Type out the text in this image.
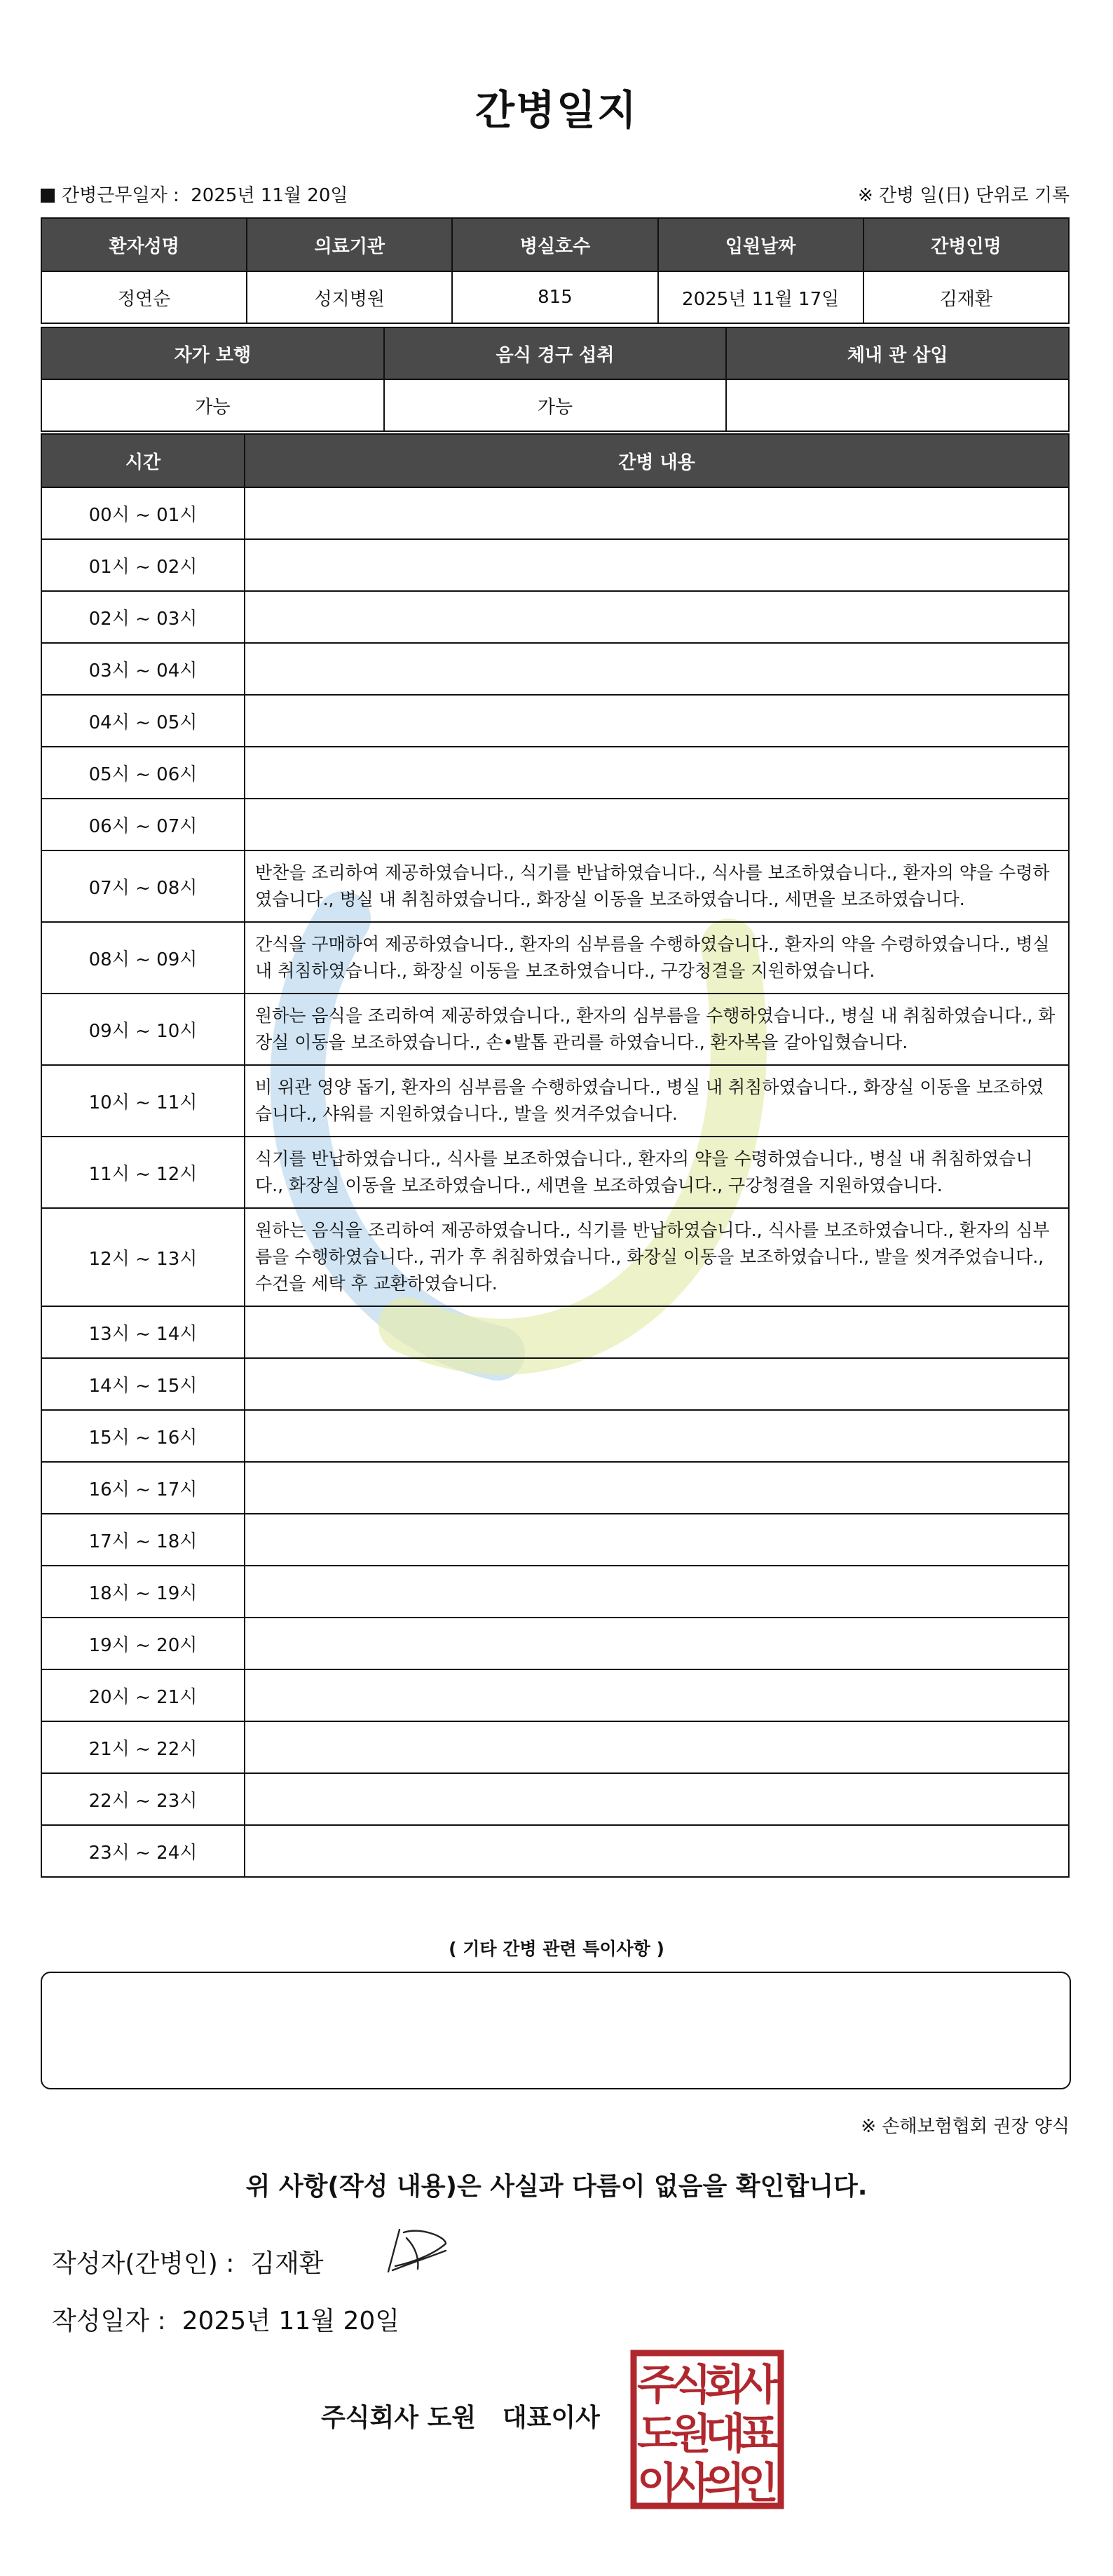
간병일지
간병근무일자 : 2025년 11월 20일	※ 간병 일(日) 단위로 기록
환자성명	의료기관	병실호수	입원날짜	간병인명
정연순	성지병원	815	2025년 11월 17일	김재환
자가 보행	음식 경구 섭취	체내 관 삽입
가능	가능	
시간	간병 내용
00시 ~ 01시	
01시 ~ 02시	
02시 ~ 03시	
03시 ~ 04시	
04시 ~ 05시	
05시 ~ 06시	
06시 ~ 07시	
07시 ~ 08시	반찬을 조리하여 제공하였습니다., 식기를 반납하였습니다., 식사를 보조하였습니다., 환자의 약을 수령하였습니다., 병실 내 취침하였습니다., 화장실 이동을 보조하였습니다., 세면을 보조하였습니다.
08시 ~ 09시	간식을 구매하여 제공하였습니다., 환자의 심부름을 수행하였습니다., 환자의 약을 수령하였습니다., 병실 내 취침하였습니다., 화장실 이동을 보조하였습니다., 구강청결을 지원하였습니다.
09시 ~ 10시	원하는 음식을 조리하여 제공하였습니다., 환자의 심부름을 수행하였습니다., 병실 내 취침하였습니다., 화장실 이동을 보조하였습니다., 손•발톱 관리를 하였습니다., 환자복을 갈아입혔습니다.
10시 ~ 11시	비 위관 영양 돕기, 환자의 심부름을 수행하였습니다., 병실 내 취침하였습니다., 화장실 이동을 보조하였습니다., 샤워를 지원하였습니다., 발을 씻겨주었습니다.
11시 ~ 12시	식기를 반납하였습니다., 식사를 보조하였습니다., 환자의 약을 수령하였습니다., 병실 내 취침하였습니다., 화장실 이동을 보조하였습니다., 세면을 보조하였습니다., 구강청결을 지원하였습니다.
12시 ~ 13시	원하는 음식을 조리하여 제공하였습니다., 식기를 반납하였습니다., 식사를 보조하였습니다., 환자의 심부름을 수행하였습니다., 귀가 후 취침하였습니다., 화장실 이동을 보조하였습니다., 발을 씻겨주었습니다., 수건을 세탁 후 교환하였습니다.
13시 ~ 14시	
14시 ~ 15시	
15시 ~ 16시	
16시 ~ 17시	
17시 ~ 18시	
18시 ~ 19시	
19시 ~ 20시	
20시 ~ 21시	
21시 ~ 22시	
22시 ~ 23시	
23시 ~ 24시	
( 기타 간병 관련 특이사항 )
※ 손해보험협회 권장 양식
위 사항(작성 내용)은 사실과 다름이 없음을 확인합니다.
작성자(간병인) : 김재환
작성일자 : 2025년 11월 20일
주식회사 도원 대표이사
주
식
회
사
도
원
대
표
이
사
의
인
